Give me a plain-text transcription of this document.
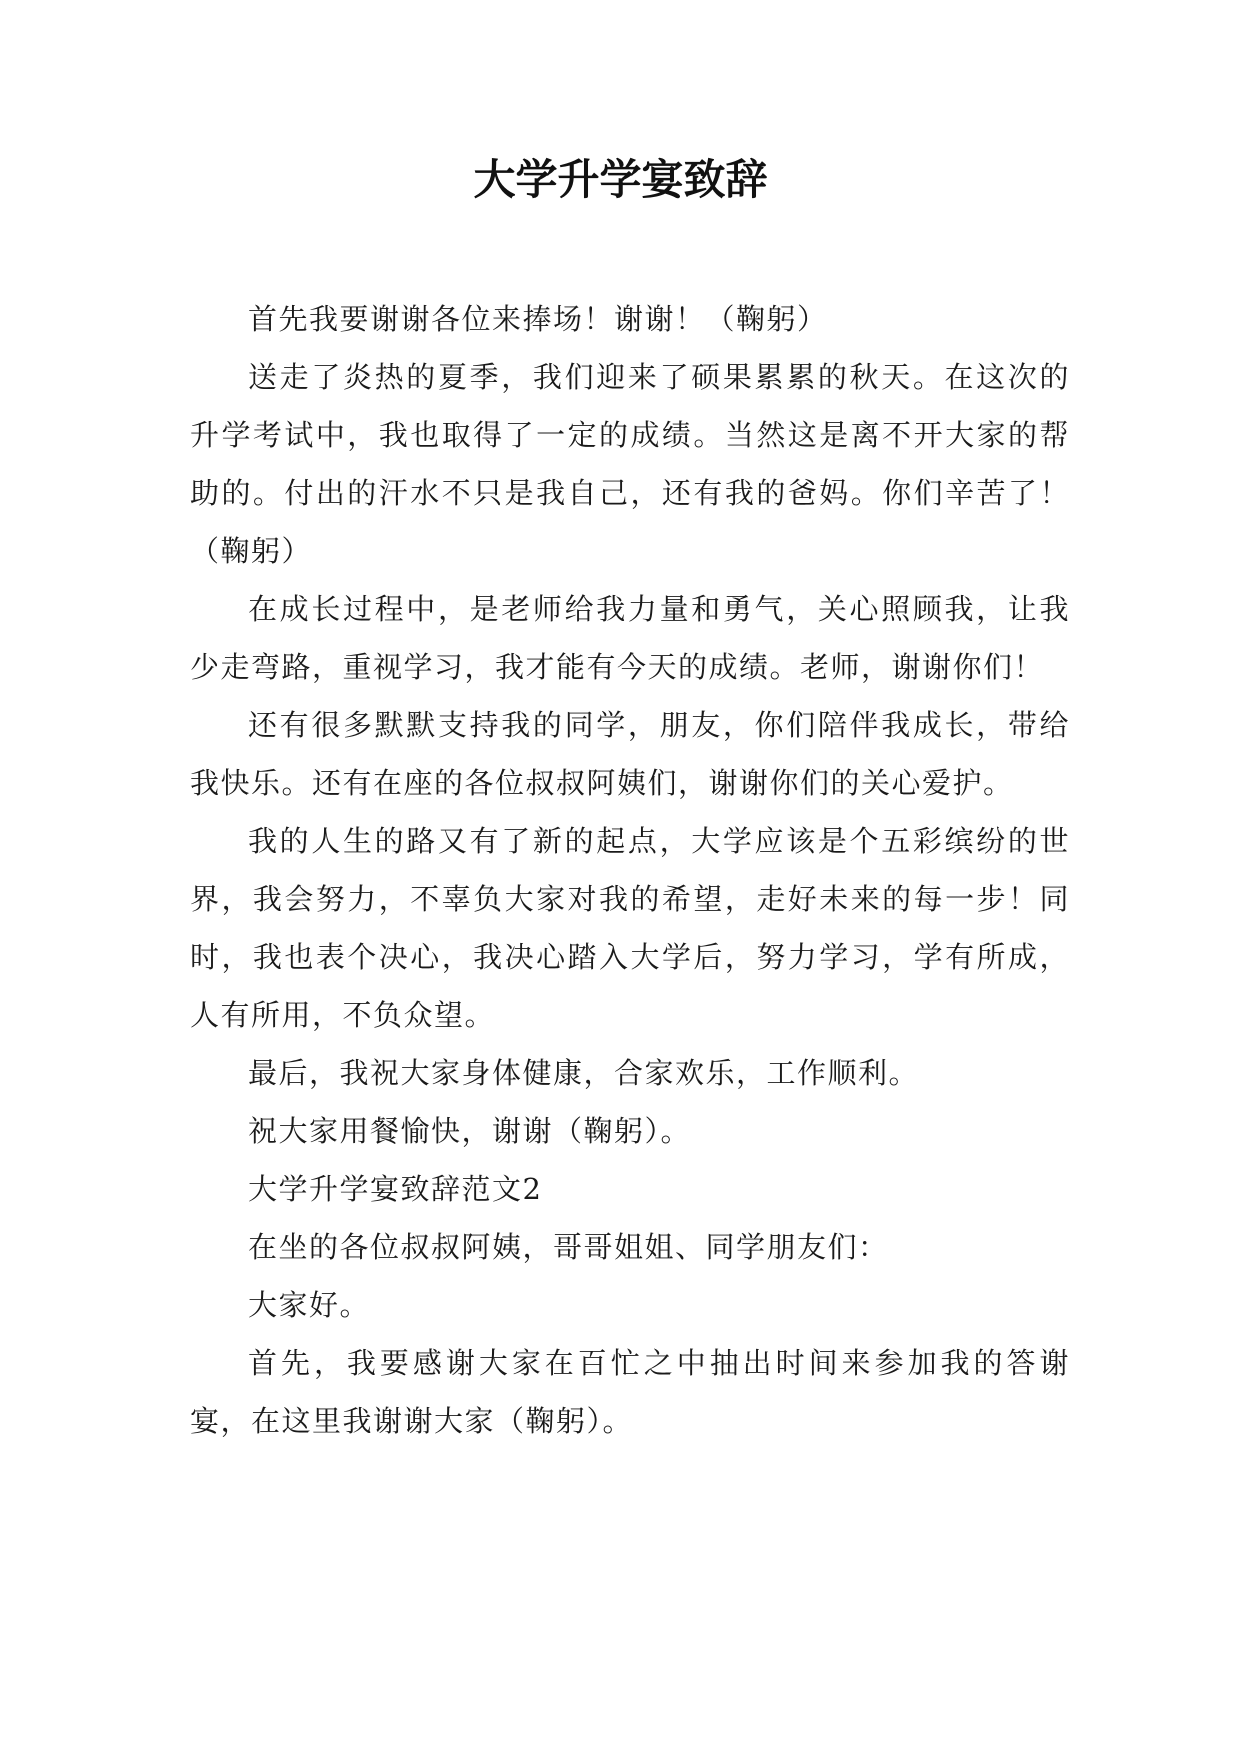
大学升学宴致辞

首先我要谢谢各位来捧场！谢谢！（鞠躬）

送走了炎热的夏季，我们迎来了硕果累累的秋天。在这次的升学考试中，我也取得了一定的成绩。当然这是离不开大家的帮助的。付出的汗水不只是我自己，还有我的爸妈。你们辛苦了！（鞠躬）

在成长过程中，是老师给我力量和勇气，关心照顾我，让我少走弯路，重视学习，我才能有今天的成绩。老师，谢谢你们！

还有很多默默支持我的同学，朋友，你们陪伴我成长，带给我快乐。还有在座的各位叔叔阿姨们，谢谢你们的关心爱护。

我的人生的路又有了新的起点，大学应该是个五彩缤纷的世界，我会努力，不辜负大家对我的希望，走好未来的每一步！同时，我也表个决心，我决心踏入大学后，努力学习，学有所成，人有所用，不负众望。

最后，我祝大家身体健康，合家欢乐，工作顺利。

祝大家用餐愉快，谢谢（鞠躬）。

大学升学宴致辞范文2

在坐的各位叔叔阿姨，哥哥姐姐、同学朋友们：

大家好。

首先，我要感谢大家在百忙之中抽出时间来参加我的答谢宴，在这里我谢谢大家（鞠躬）。
